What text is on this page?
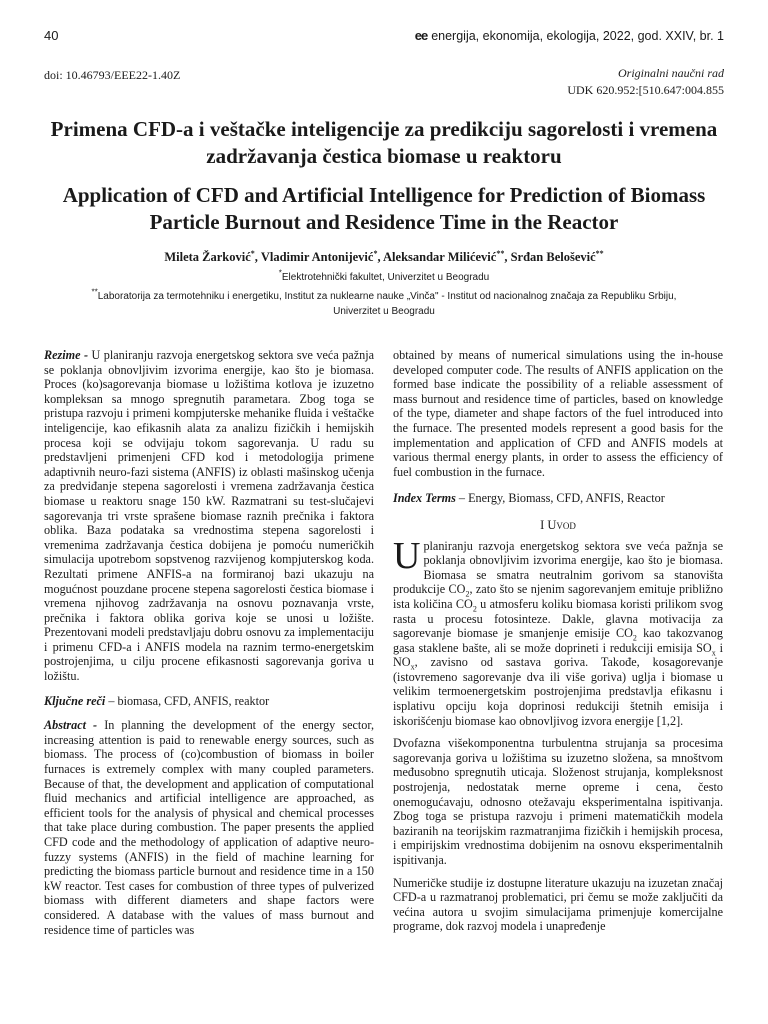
40	ee energija, ekonomija, ekologija, 2022, god. XXIV, br. 1
doi: 10.46793/EEE22-1.40Z	Originalni naučni rad
UDK 620.952:[510.647:004.855
Primena CFD-a i veštačke inteligencije za predikciju sagorelosti i vremena zadržavanja čestica biomase u reaktoru
Application of CFD and Artificial Intelligence for Prediction of Biomass Particle Burnout and Residence Time in the Reactor
Mileta Žarković*, Vladimir Antonijević*, Aleksandar Milićević**, Srđan Belošević**
*Elektrotehnički fakultet, Univerzitet u Beogradu
**Laboratorija za termotehniku i energetiku, Institut za nuklearne nauke „Vinča" - Institut od nacionalnog značaja za Republiku Srbiju,
Univerzitet u Beogradu

Rezime - U planiranju razvoja energetskog sektora sve veća pažnja se poklanja obnovljivim izvorima energije, kao što je biomasa. Proces (ko)sagorevanja biomase u ložištima kotlova je izuzetno kompleksan sa mnogo spregnutih parametara. Zbog toga se pristupa razvoju i primeni kompjuterske mehanike fluida i veštačke inteligencije, kao efikasnih alata za analizu fizičkih i hemijskih procesa koji se odvijaju tokom sagorevanja. U radu su predstavljeni primenjeni CFD kod i metodologija primene adaptivnih neuro-fazi sistema (ANFIS) iz oblasti mašinskog učenja za predviđanje stepena sagorelosti i vremena zadržavanja čestica biomase u reaktoru snage 150 kW. Razmatrani su test-slučajevi sagorevanja tri vrste sprašene biomase raznih prečnika i faktora oblika. Baza podataka sa vrednostima stepena sagorelosti i vremenima zadržavanja čestica dobijena je pomoću numeričkih simulacija upotrebom sopstvenog razvijenog kompjuterskog koda. Rezultati primene ANFIS-a na formiranoj bazi ukazuju na mogućnost pouzdane procene stepena sagorelosti čestica biomase i vremena njihovog zadržavanja na osnovu poznavanja vrste, prečnika i faktora oblika goriva koje se unosi u ložište. Prezentovani modeli predstavljaju dobru osnovu za implementaciju i primenu CFD-a i ANFIS modela na raznim termo-energetskim postrojenjima, u cilju procene efikasnosti sagorevanja goriva u ložištu.

Ključne reči – biomasa, CFD, ANFIS, reaktor

Abstract - In planning the development of the energy sector, increasing attention is paid to renewable energy sources, such as biomass. The process of (co)combustion of biomass in boiler furnaces is extremely complex with many coupled parameters. Because of that, the development and application of computational fluid mechanics and artificial intelligence are approached, as efficient tools for the analysis of physical and chemical processes that take place during combustion. The paper presents the applied CFD code and the methodology of application of adaptive neuro-fuzzy systems (ANFIS) in the field of machine learning for predicting the biomass particle burnout and residence time in a 150 kW reactor. Test cases for combustion of three types of pulverized biomass with different diameters and shape factors were considered. A database with the values of mass burnout and residence time of particles was

obtained by means of numerical simulations using the in-house developed computer code. The results of ANFIS application on the formed base indicate the possibility of a reliable assessment of mass burnout and residence time of particles, based on knowledge of the type, diameter and shape factors of the fuel introduced into the furnace. The presented models represent a good basis for the implementation and application of CFD and ANFIS models at various thermal energy plants, in order to assess the efficiency of fuel combustion in the furnace.

Index Terms – Energy, Biomass, CFD, ANFIS, Reactor

I Uvod

Uplaniranju razvoja energetskog sektora sve veća pažnja se poklanja obnovljivim izvorima energije, kao što je biomasa. Biomasa se smatra neutralnim gorivom sa stanovišta produkcije $CO_2$, zato što se njenim sagorevanjem emituje približno ista količina $CO_2$ u atmosferu koliku biomasa koristi prilikom svog rasta u procesu fotosinteze. Dakle, glavna motivacija za sagorevanje biomase je smanjenje emisije $CO_2$ kao takozvanog gasa staklene bašte, ali se može doprineti i redukciji emisija $SO_x$ i $NO_x$, zavisno od sastava goriva. Takođe, kosagorevanje (istovremeno sagorevanje dva ili više goriva) uglja i biomase u velikim termoenergetskim postrojenjima predstavlja efikasnu i isplativu opciju koja doprinosi redukciji štetnih emisija i iskorišćenju biomase kao obnovljivog izvora energije [1,2].

Dvofazna višekomponentna turbulentna strujanja sa procesima sagorevanja goriva u ložištima su izuzetno složena, sa mnoštvom međusobno spregnutih uticaja. Složenost strujanja, kompleksnost postrojenja, nedostatak merne opreme i cena, često onemogućavaju, odnosno otežavaju eksperimentalna ispitivanja. Zbog toga se pristupa razvoju i primeni matematičkih modela baziranih na teorijskim razmatranjima fizičkih i hemijskih procesa, i empirijskim vrednostima dobijenim na osnovu eksperimentalnih ispitivanja.

Numeričke studije iz dostupne literature ukazuju na izuzetan značaj CFD-a u razmatranoj problematici, pri čemu se može zaključiti da većina autora u svojim simulacijama primenjuje komercijalne programe, dok razvoj modela i unapređenje
